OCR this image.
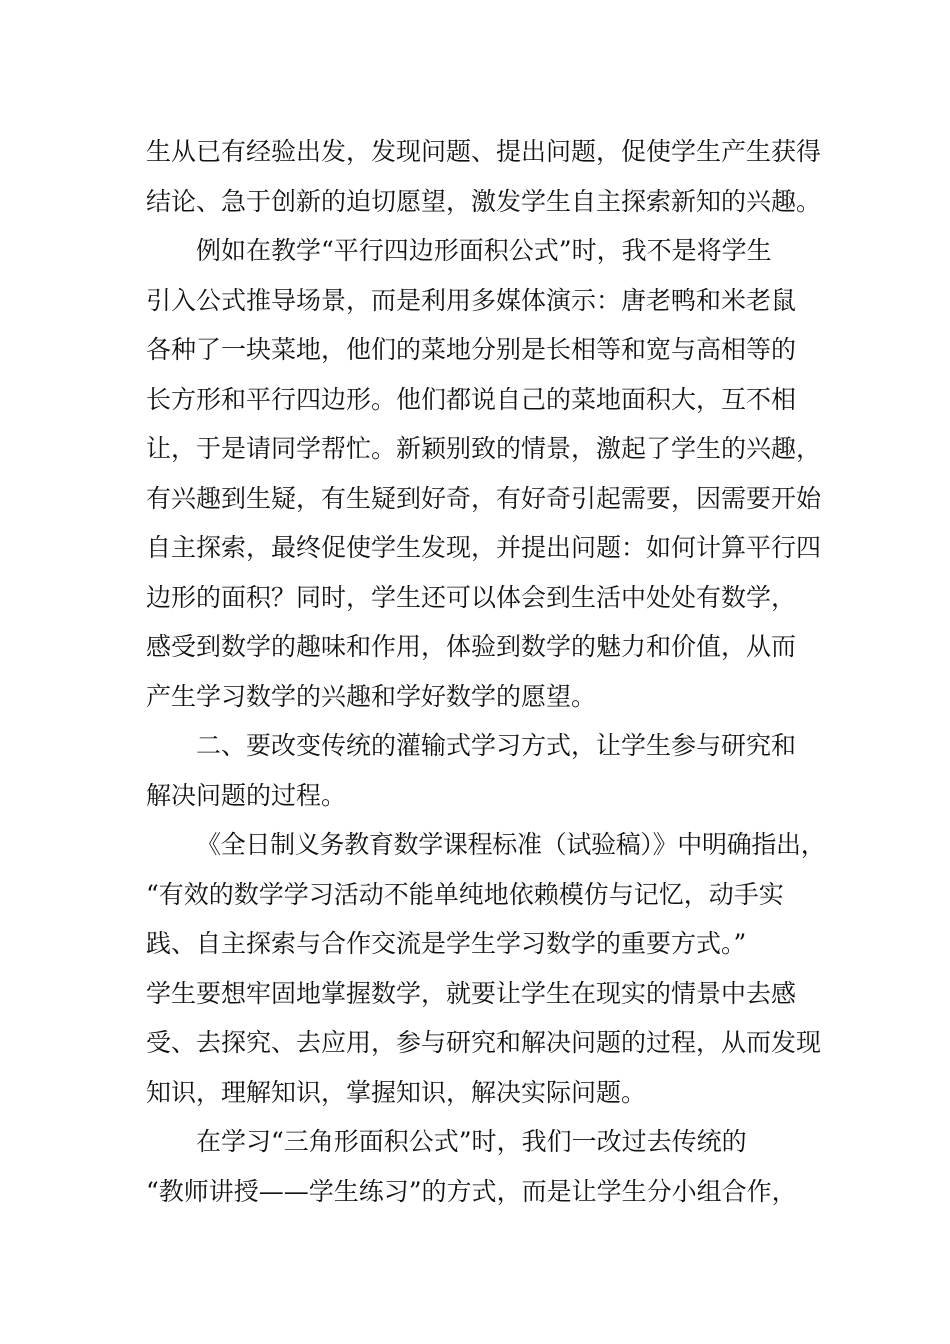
生从已有经验出发，发现问题、提出问题，促使学生产生获得
结论、急于创新的迫切愿望，激发学生自主探索新知的兴趣。
例如在教学“平行四边形面积公式”时，我不是将学生
引入公式推导场景，而是利用多媒体演示：唐老鸭和米老鼠
各种了一块菜地，他们的菜地分别是长相等和宽与高相等的
长方形和平行四边形。他们都说自己的菜地面积大，互不相
让，于是请同学帮忙。新颖别致的情景，激起了学生的兴趣，
有兴趣到生疑，有生疑到好奇，有好奇引起需要，因需要开始
自主探索，最终促使学生发现，并提出问题：如何计算平行四
边形的面积？同时，学生还可以体会到生活中处处有数学，
感受到数学的趣味和作用，体验到数学的魅力和价值，从而
产生学习数学的兴趣和学好数学的愿望。
二、要改变传统的灌输式学习方式，让学生参与研究和
解决问题的过程。
《全日制义务教育数学课程标准（试验稿）》中明确指出，
“有效的数学学习活动不能单纯地依赖模仿与记忆，动手实
践、自主探索与合作交流是学生学习数学的重要方式。”
学生要想牢固地掌握数学，就要让学生在现实的情景中去感
受、去探究、去应用，参与研究和解决问题的过程，从而发现
知识，理解知识，掌握知识，解决实际问题。
在学习“三角形面积公式”时，我们一改过去传统的
“教师讲授——学生练习”的方式，而是让学生分小组合作，
